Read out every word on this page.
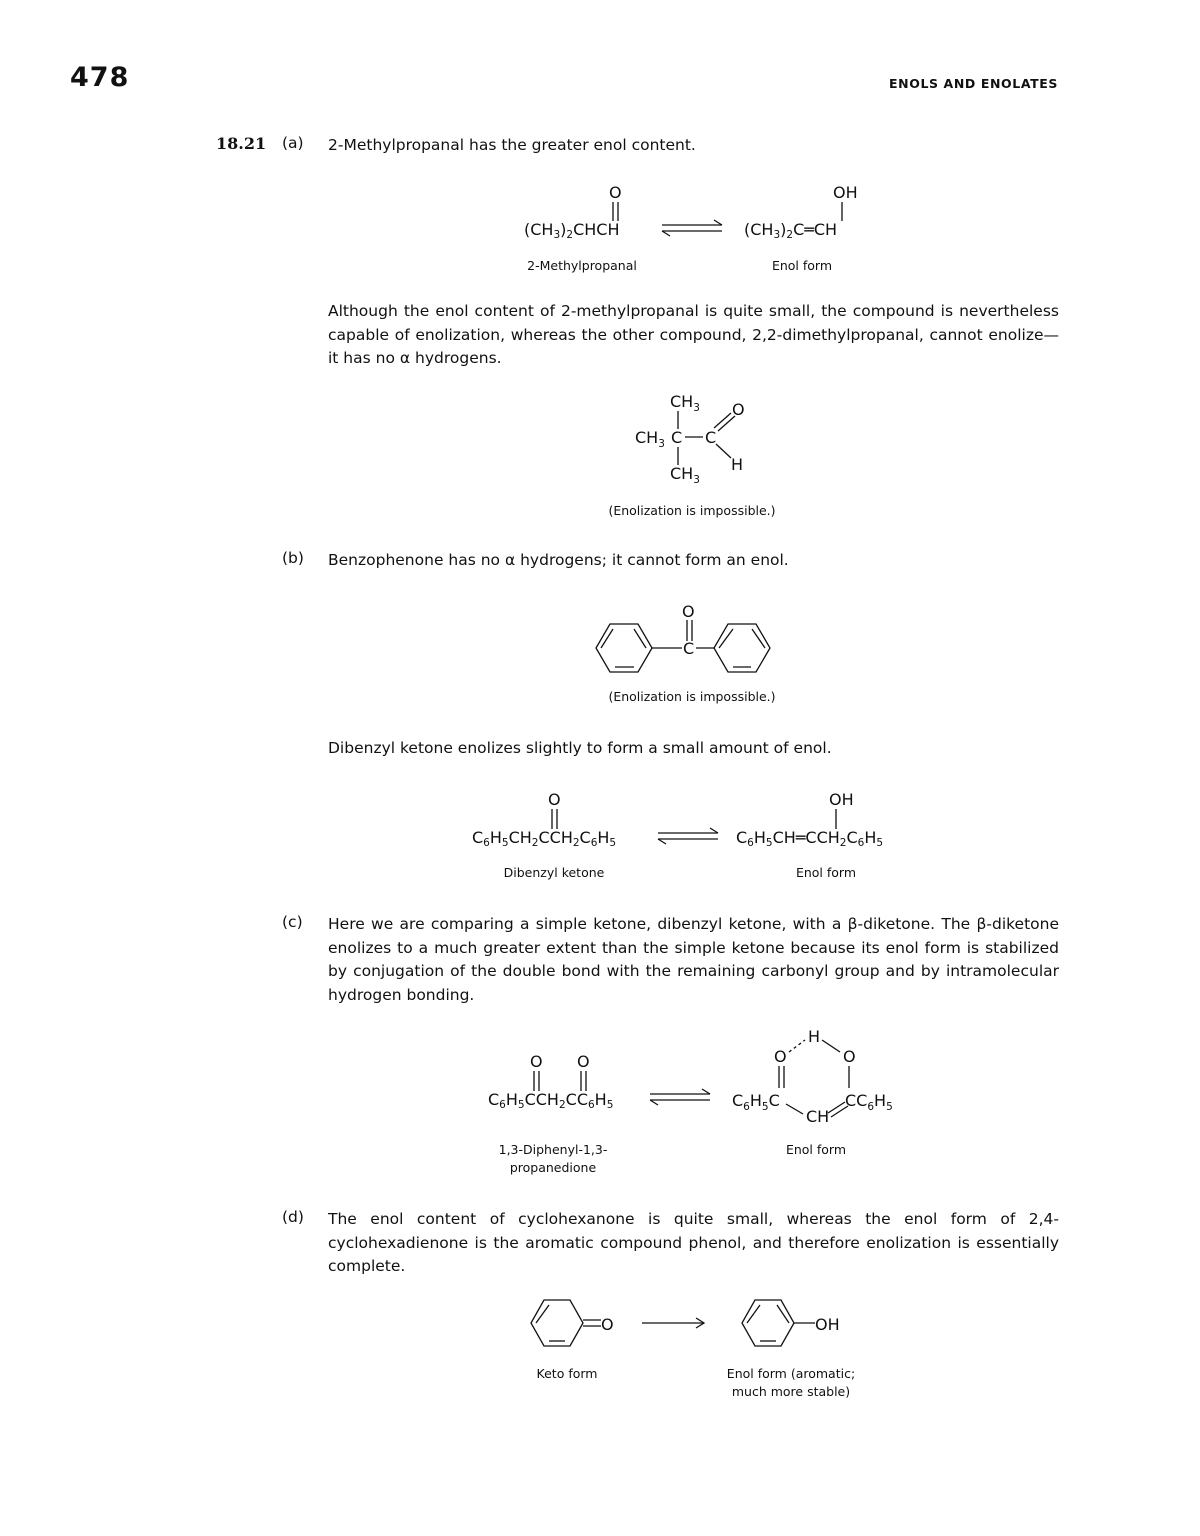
478	ENOLS AND ENOLATES
18.21 (a) 2-Methylpropanal has the greater enol content.
$(CH_3)_2CHCH$
O
$(CH_3)_2C═CH$
OH
2-Methylpropanal	Enol form
Although the enol content of 2-methylpropanal is quite small, the compound is nevertheless capable of enolization, whereas the other compound, 2,2-dimethylpropanal, cannot enolize—it has no α hydrogens.
$CH_3$
$CH_3$ C C
O
H
$CH_3$
(Enolization is impossible.)
(b) Benzophenone has no α hydrogens; it cannot form an enol.
C
O
(Enolization is impossible.)
Dibenzyl ketone enolizes slightly to form a small amount of enol.
$C_6H_5CH_2CCH_2C_6H_5$
O
$C_6H_5CH═CCH_2C_6H_5$
OH
Dibenzyl ketone	Enol form
(c) Here we are comparing a simple ketone, dibenzyl ketone, with a β-diketone. The β-diketone enolizes to a much greater extent than the simple ketone because its enol form is stabilized by conjugation of the double bond with the remaining carbonyl group and by intramolecular hydrogen bonding.
$C_6H_5CCH_2CC_6H_5$
O O
$C_6H_5C$
O
H
O
$CC_6H_5$
CH
1,3-Diphenyl-1,3-
propanedione
Enol form
(d) The enol content of cyclohexanone is quite small, whereas the enol form of 2,4-cyclohexadienone is the aromatic compound phenol, and therefore enolization is essentially complete.
O	OH
Keto form	Enol form (aromatic;
much more stable)
